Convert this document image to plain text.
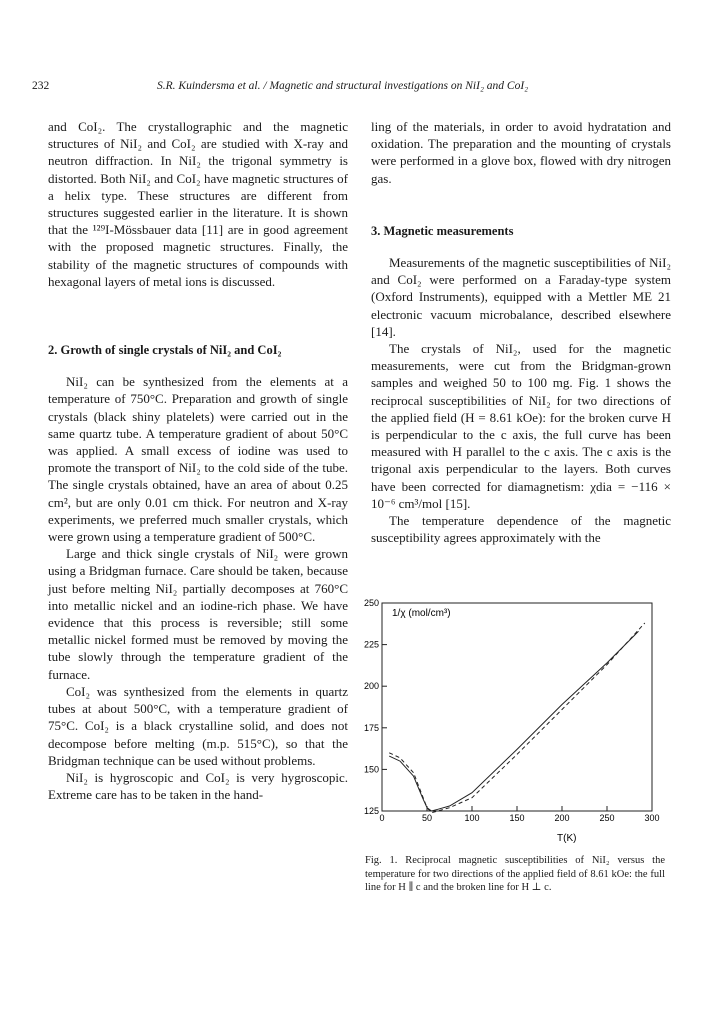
232	S.R. Kuindersma et al. / Magnetic and structural investigations on NiI₂ and CoI₂

and CoI₂. The crystallographic and the magnetic structures of NiI₂ and CoI₂ are studied with X-ray and neutron diffraction. In NiI₂ the trigonal symmetry is distorted. Both NiI₂ and CoI₂ have magnetic structures of a helix type. These structures are different from structures suggested earlier in the literature. It is shown that the ¹²⁹I-Mössbauer data [11] are in good agreement with the proposed magnetic structures. Finally, the stability of the magnetic structures of compounds with hexagonal layers of metal ions is discussed.

2. Growth of single crystals of NiI₂ and CoI₂

NiI₂ can be synthesized from the elements at a temperature of 750°C. Preparation and growth of single crystals (black shiny platelets) were carried out in the same quartz tube. A temperature gradient of about 50°C was applied. A small excess of iodine was used to promote the transport of NiI₂ to the cold side of the tube. The single crystals obtained, have an area of about 0.25 cm², but are only 0.01 cm thick. For neutron and X-ray experiments, we preferred much smaller crystals, which were grown using a temperature gradient of 500°C.

Large and thick single crystals of NiI₂ were grown using a Bridgman furnace. Care should be taken, because just before melting NiI₂ partially decomposes at 760°C into metallic nickel and an iodine-rich phase. We have evidence that this process is reversible; still some metallic nickel formed must be removed by moving the tube slowly through the temperature gradient of the furnace.

CoI₂ was synthesized from the elements in quartz tubes at about 500°C, with a temperature gradient of 75°C. CoI₂ is a black crystalline solid, and does not decompose before melting (m.p. 515°C), so that the Bridgman technique can be used without problems.

NiI₂ is hygroscopic and CoI₂ is very hygroscopic. Extreme care has to be taken in the hand-

ling of the materials, in order to avoid hydratation and oxidation. The preparation and the mounting of crystals were performed in a glove box, flowed with dry nitrogen gas.

3. Magnetic measurements

Measurements of the magnetic susceptibilities of NiI₂ and CoI₂ were performed on a Faraday-type system (Oxford Instruments), equipped with a Mettler ME 21 electronic vacuum microbalance, described elsewhere [14].

The crystals of NiI₂, used for the magnetic measurements, were cut from the Bridgman-grown samples and weighed 50 to 100 mg. Fig. 1 shows the reciprocal susceptibilities of NiI₂ for two directions of the applied field (H = 8.61 kOe): for the broken curve H is perpendicular to the c axis, the full curve has been measured with H parallel to the c axis. The c axis is the trigonal axis perpendicular to the layers. Both curves have been corrected for diamagnetism: χdia = −116 × 10⁻⁶ cm³/mol [15].

The temperature dependence of the magnetic susceptibility agrees approximately with the

1/χ (mol/cm³)
T(K)
0	50	100	150	200	250	300
125
150
175
200
225
250
Fig. 1. Reciprocal magnetic susceptibilities of NiI₂ versus the temperature for two directions of the applied field of 8.61 kOe: the full line for H ∥ c and the broken line for H ⊥ c.
